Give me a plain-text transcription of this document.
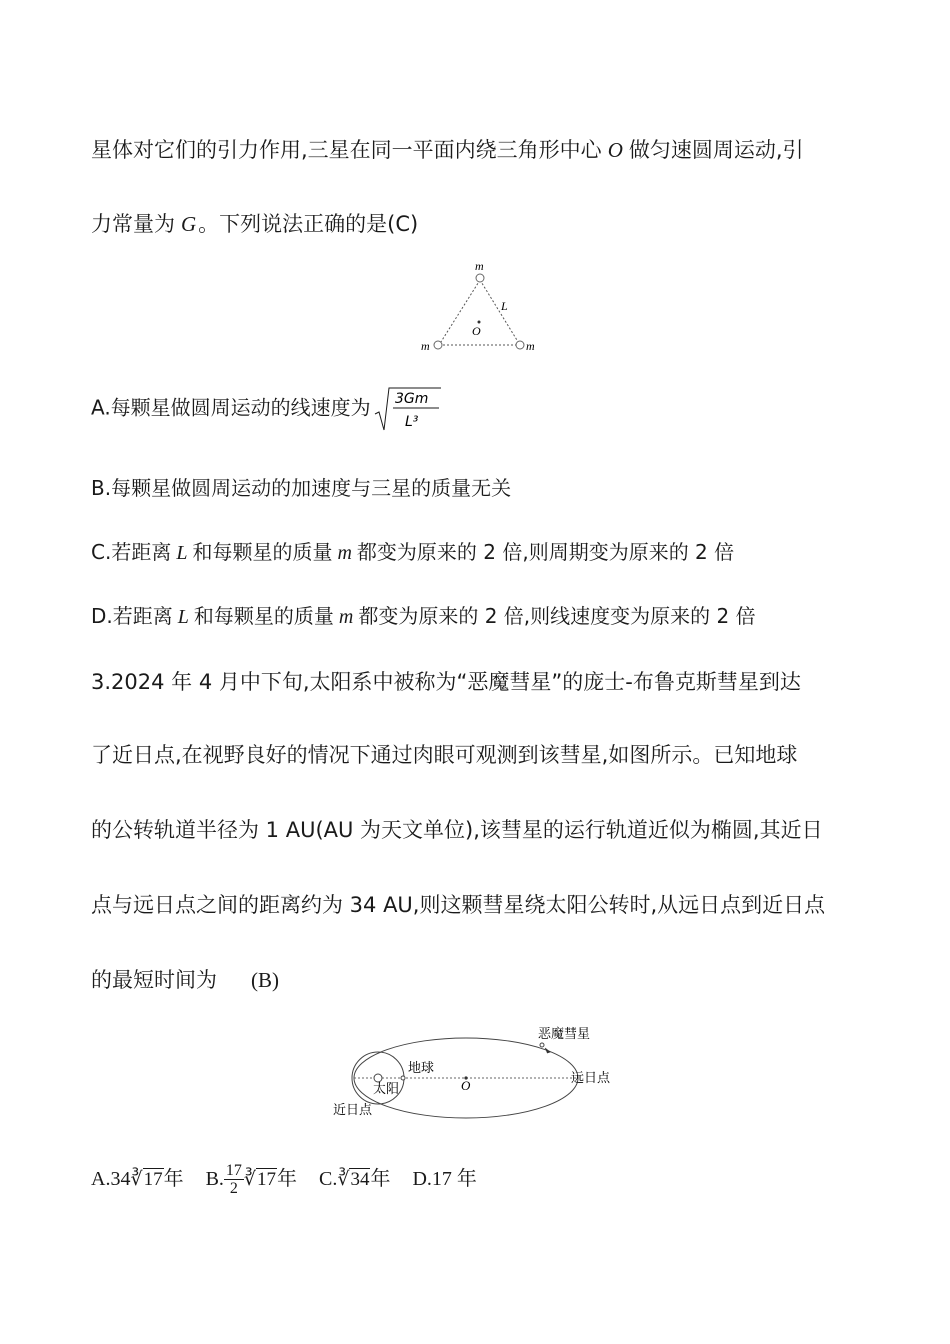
星体对它们的引力作用,三星在同一平面内绕三角形中心 O 做匀速圆周运动,引
力常量为 G。下列说法正确的是(C)
m
m	m
L
O
A.每颗星做圆周运动的线速度为 3Gm
L³
B.每颗星做圆周运动的加速度与三星的质量无关
C.若距离 L 和每颗星的质量 m 都变为原来的 2 倍,则周期变为原来的 2 倍
D.若距离 L 和每颗星的质量 m 都变为原来的 2 倍,则线速度变为原来的 2 倍
3.2024 年 4 月中下旬,太阳系中被称为“恶魔彗星”的庞士-布鲁克斯彗星到达
了近日点,在视野良好的情况下通过肉眼可观测到该彗星,如图所示。已知地球
的公转轨道半径为 1 AU(AU 为天文单位),该彗星的运行轨道近似为椭圆,其近日
点与远日点之间的距离约为 34 AU,则这颗彗星绕太阳公转时,从远日点到近日点
的最短时间为 (B)
恶魔彗星
地球
太阳	O
远日点
近日点
A.34∛17年 B. $\frac{17}{2}$ ∛17年 C.∛34年 D.17 年
